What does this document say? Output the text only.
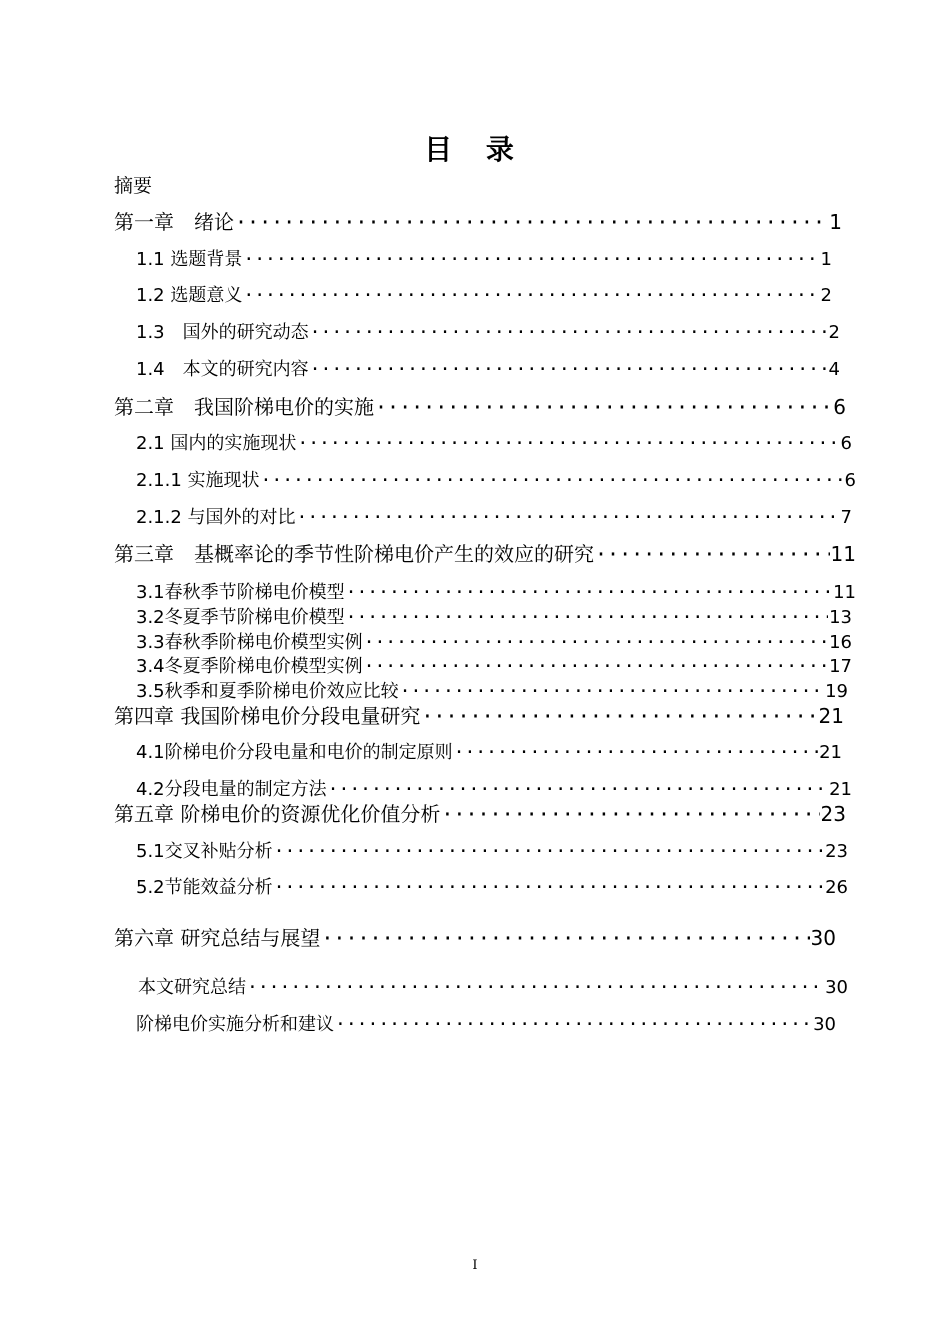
目 录
摘要
第一章　绪论 ·····	1
1.1 选题背景 ·····	1
1.2 选题意义 ·····	2
1.3　国外的研究动态 ·····	2
1.4　本文的研究内容 ·····	4
第二章　我国阶梯电价的实施 ·····	6
2.1 国内的实施现状 ·····	6
2.1.1 实施现状 ·····	6
2.1.2 与国外的对比 ·····	7
第三章　基概率论的季节性阶梯电价产生的效应的研究 ·····	11
3.1春秋季节阶梯电价模型 ·····	11
3.2冬夏季节阶梯电价模型 ·····	13
3.3春秋季阶梯电价模型实例 ·····	16
3.4冬夏季阶梯电价模型实例 ·····	17
3.5秋季和夏季阶梯电价效应比较 ·····	19
第四章 我国阶梯电价分段电量研究 ·····	21
4.1阶梯电价分段电量和电价的制定原则 ·····	21
4.2分段电量的制定方法 ·····	21
第五章 阶梯电价的资源优化价值分析 ·····	23
5.1交叉补贴分析 ·····	23
5.2节能效益分析 ·····	26
第六章 研究总结与展望 ·····	30
本文研究总结 ·····	30
阶梯电价实施分析和建议 ·····	30
I
